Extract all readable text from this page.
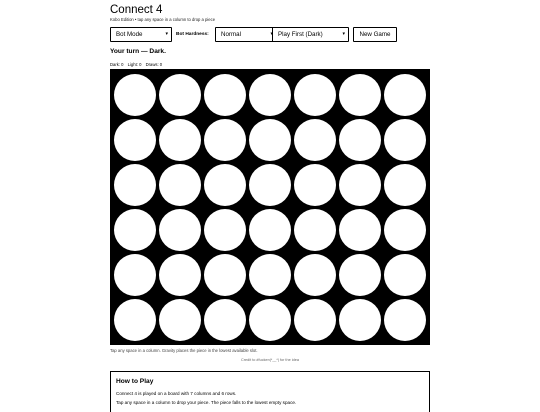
Connect 4
Kobo Edition • tap any space in a column to drop a piece
Bot Mode	▾ Bot Hardness:	Normal	Play First (Dark)	▾	New Game
Your turn — Dark.
Dark: 0 Light: 0 Draws: 0
Tap any space in a column. Gravity places the piece in the lowest available slot.
Credit to #fucken|*__*| for the idea
How to Play
Connect 4 is played on a board with 7 columns and 6 rows.
Tap any space in a column to drop your piece. The piece falls to the lowest empty space.
